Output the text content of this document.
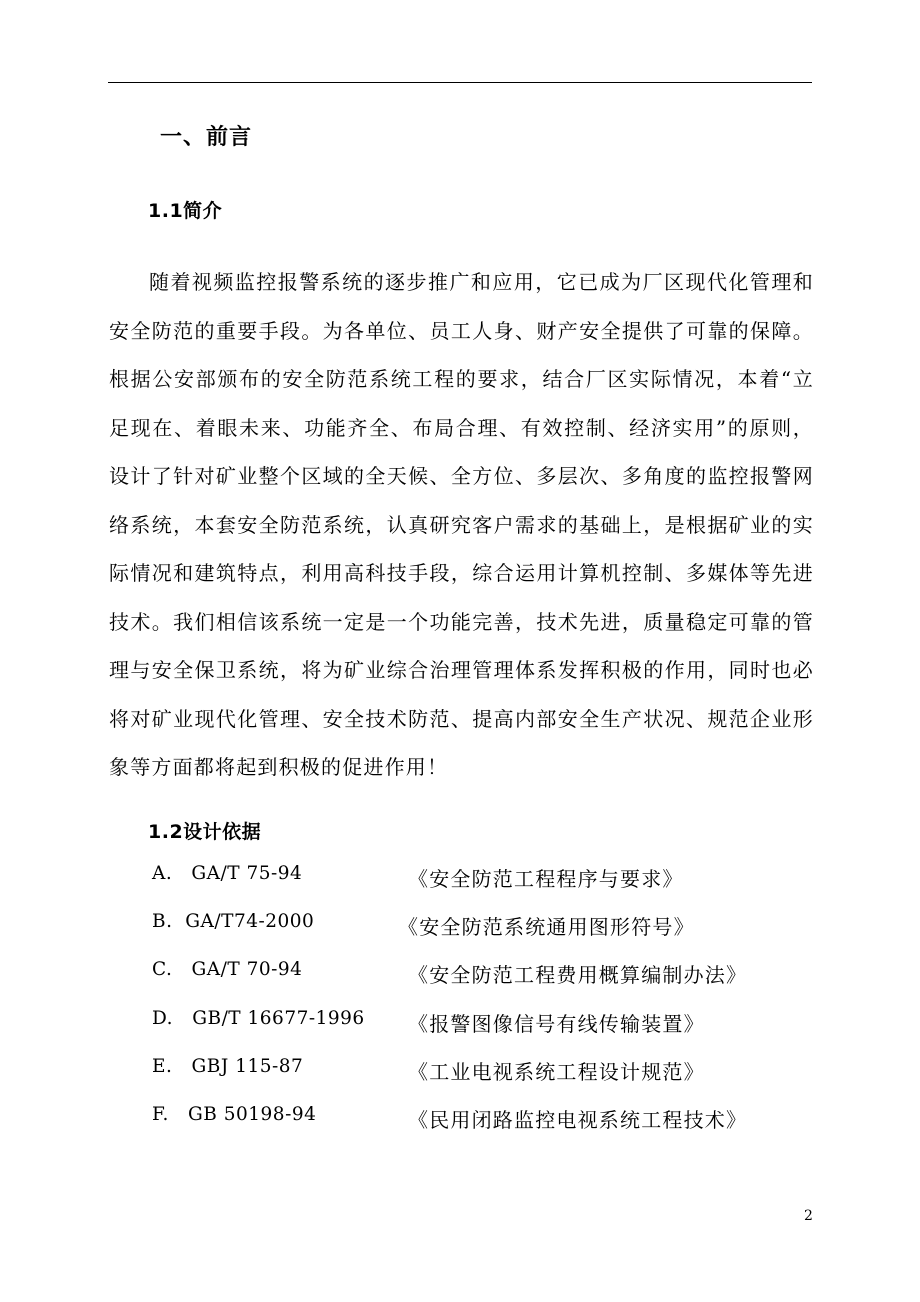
一、前言
1.1简介

随着视频监控报警系统的逐步推广和应用，它已成为厂区现代化管理和安全防范的重要手段。为各单位、员工人身、财产安全提供了可靠的保障。根据公安部颁布的安全防范系统工程的要求，结合厂区实际情况，本着“立足现在、着眼未来、功能齐全、布局合理、有效控制、经济实用”的原则，设计了针对矿业整个区域的全天候、全方位、多层次、多角度的监控报警网络系统，本套安全防范系统，认真研究客户需求的基础上，是根据矿业的实际情况和建筑特点，利用高科技手段，综合运用计算机控制、多媒体等先进技术。我们相信该系统一定是一个功能完善，技术先进，质量稳定可靠的管理与安全保卫系统，将为矿业综合治理管理体系发挥积极的作用，同时也必将对矿业现代化管理、安全技术防范、提高内部安全生产状况、规范企业形象等方面都将起到积极的促进作用！

1.2设计依据
A.   GA/T 75-94	《安全防范工程程序与要求》
B.  GA/T74-2000	《安全防范系统通用图形符号》
C.   GA/T 70-94	《安全防范工程费用概算编制办法》
D.   GB/T 16677-1996 《报警图像信号有线传输装置》
E.   GBJ 115-87	《工业电视系统工程设计规范》
F.   GB 50198-94	《民用闭路监控电视系统工程技术》
2
